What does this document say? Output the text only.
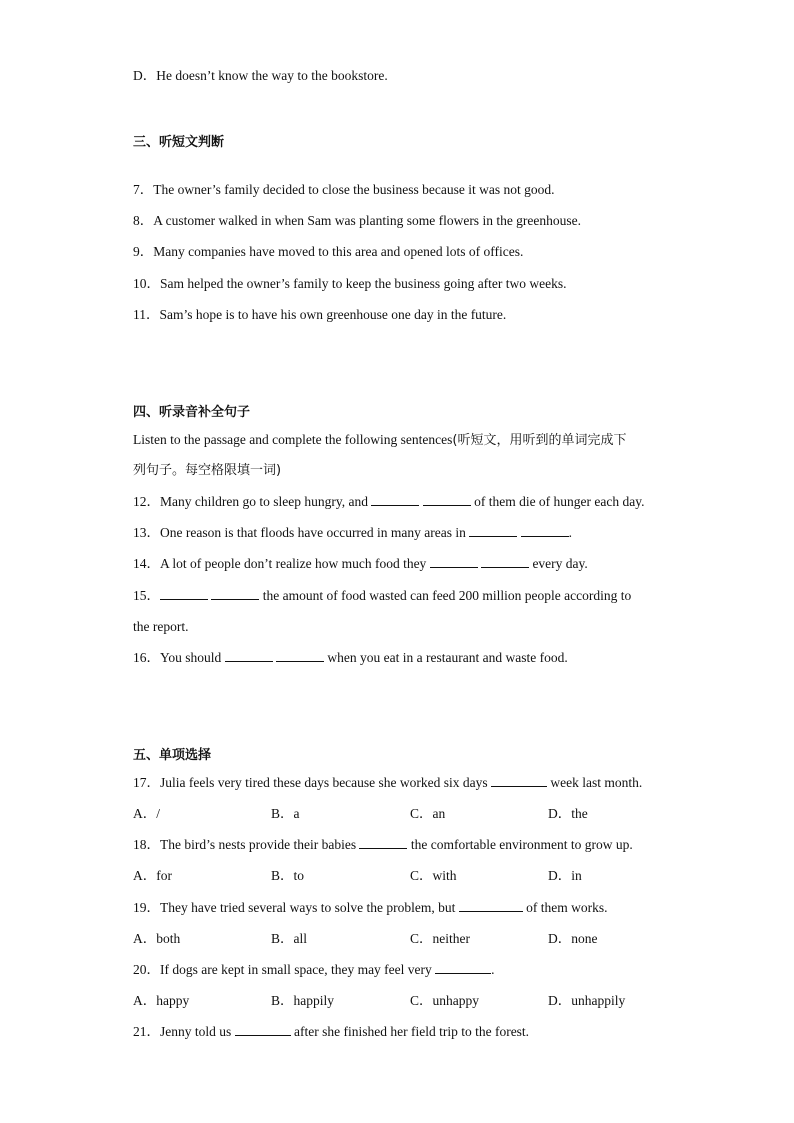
D．He doesn’t know the way to the bookstore.
三、听短文判断
7．The owner’s family decided to close the business because it was not good.
8．A customer walked in when Sam was planting some flowers in the greenhouse.
9．Many companies have moved to this area and opened lots of offices.
10．Sam helped the owner’s family to keep the business going after two weeks.
11．Sam’s hope is to have his own greenhouse one day in the future.
四、听录音补全句子
Listen to the passage and complete the following sentences(听短文，用听到的单词完成下
列句子。每空格限填一词)
12．Many children go to sleep hungry, and	of them die of hunger each day.
13．One reason is that floods have occurred in many areas in	.
14．A lot of people don’t realize how much food they	every day.
15．	the amount of food wasted can feed 200 million people according to
the report.
16．You should	when you eat in a restaurant and waste food.
五、单项选择
17．Julia feels very tired these days because she worked six days	week last month.
A．/	B．a	C．an	D．the
18．The bird’s nests provide their babies	the comfortable environment to grow up.
A．for	B．to	C．with	D．in
19．They have tried several ways to solve the problem, but	of them works.
A．both	B．all	C．neither	D．none
20．If dogs are kept in small space, they may feel very	.
A．happy	B．happily	C．unhappy	D．unhappily
21．Jenny told us	after she finished her field trip to the forest.
